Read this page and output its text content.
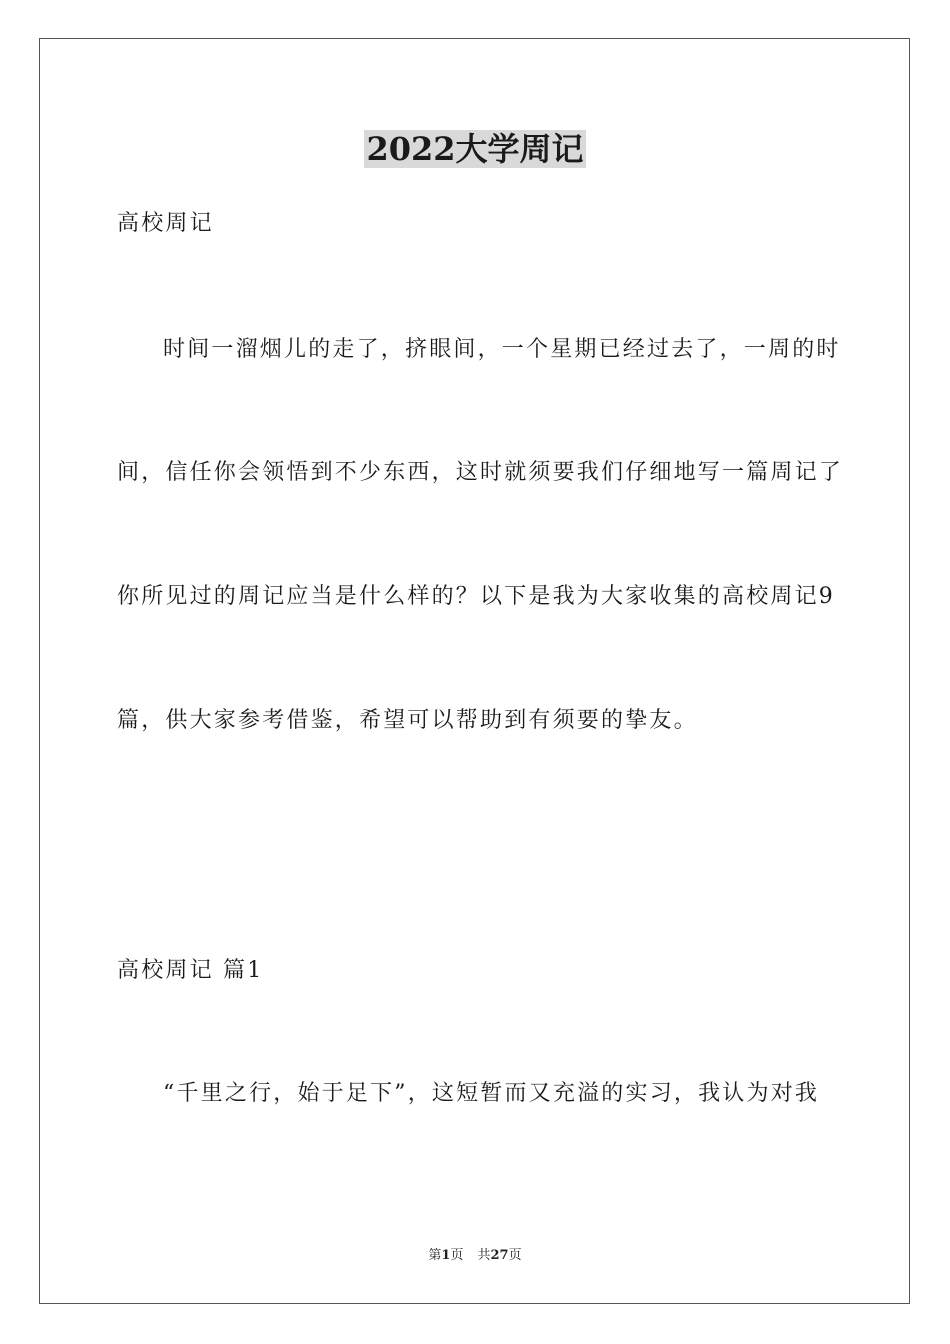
2022大学周记
高校周记
时间一溜烟儿的走了，挤眼间，一个星期已经过去了，一周的时
间，信任你会领悟到不少东西，这时就须要我们仔细地写一篇周记了
你所见过的周记应当是什么样的？以下是我为大家收集的高校周记9
篇，供大家参考借鉴，希望可以帮助到有须要的挚友。
高校周记 篇1
“千里之行，始于足下”，这短暂而又充溢的实习，我认为对我
第1页 共27页
